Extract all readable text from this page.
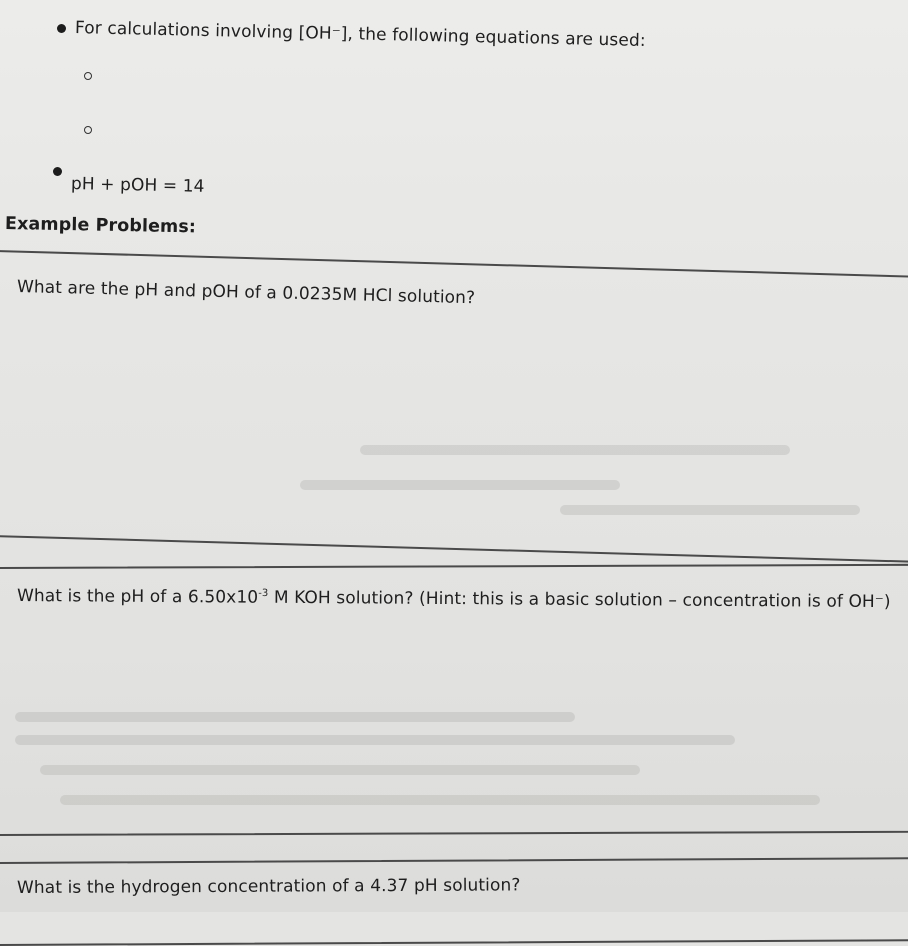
For calculations involving [OH⁻], the following equations are used:
pH + pOH = 14
Example Problems:
What are the pH and pOH of a 0.0235M HCl solution?
What is the pH of a $6.50x10^{-3}$ M KOH solution? (Hint: this is a basic solution – concentration is of OH⁻)
What is the hydrogen concentration of a 4.37 pH solution?
